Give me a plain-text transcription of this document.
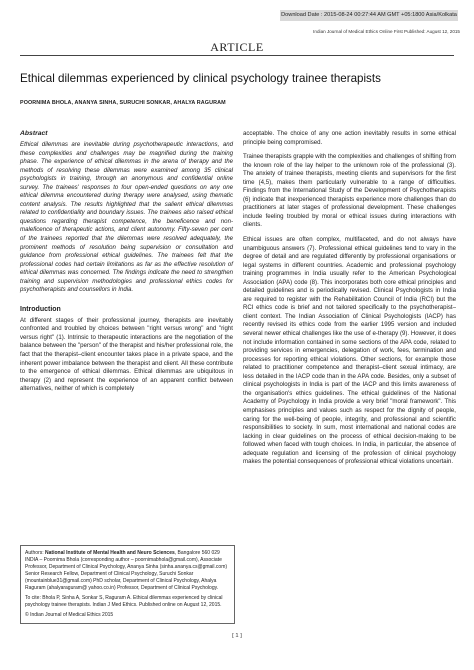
Download Date : 2015-08-24 00:27:44 AM GMT +05:1800 Asia/Kolkata
Indian Journal of Medical Ethics Online First Published: August 12, 2015
ARTICLE
Ethical dilemmas experienced by clinical psychology trainee therapists
POORNIMA BHOLA, ANANYA SINHA, SURUCHI SONKAR, AHALYA RAGURAM
Abstract

Ethical dilemmas are inevitable during psychotherapeutic interactions, and these complexities and challenges may be magnified during the training phase. The experience of ethical dilemmas in the arena of therapy and the methods of resolving these dilemmas were examined among 35 clinical psychologists in training, through an anonymous and confidential online survey. The trainees' responses to four open-ended questions on any one ethical dilemma encountered during therapy were analysed, using thematic content analysis. The results highlighted that the salient ethical dilemmas related to confidentiality and boundary issues. The trainees also raised ethical questions regarding therapist competence, the beneficence and non-maleficence of therapeutic actions, and client autonomy. Fifty-seven per cent of the trainees reported that the dilemmas were resolved adequately, the prominent methods of resolution being supervision or consultation and guidance from professional ethical guidelines. The trainees felt that the professional codes had certain limitations as far as the effective resolution of ethical dilemmas was concerned. The findings indicate the need to strengthen training and supervision methodologies and professional ethics codes for psychotherapists and counsellors in India.

Introduction

At different stages of their professional journey, therapists are inevitably confronted and troubled by choices between "right versus wrong" and "right versus right" (1). Intrinsic to therapeutic interactions are the negotiation of the balance between the "person" of the therapist and his/her professional role, the fact that the therapist–client encounter takes place in a private space, and the inherent power imbalance between the therapist and client. All these contribute to the emergence of ethical dilemmas. Ethical dilemmas are ubiquitous in therapy (2) and represent the experience of an apparent conflict between alternatives, neither of which is completely

Authors: National Institute of Mental Health and Neuro Sciences, Bangalore 560 029 INDIA – Poornima Bhola (corresponding author – poornimabhola@gmail.com), Associate Professor, Department of Clinical Psychology, Ananya Sinha (sinha.ananya.cs@gmail.com) Senior Research Fellow, Department of Clinical Psychology, Suruchi Sonkar (mountainblue31@gmail.com) PhD scholar, Department of Clinical Psychology, Ahalya Raguram (ahalyaraguram@ yahoo.co.in) Professor, Department of Clinical Psychology.

To cite: Bhola P, Sinha A, Sonkar S, Raguram A. Ethical dilemmas experienced by clinical psychology trainee therapists. Indian J Med Ethics. Published online on August 12, 2015.

© Indian Journal of Medical Ethics 2015

acceptable. The choice of any one action inevitably results in some ethical principle being compromised.

Trainee therapists grapple with the complexities and challenges of shifting from the known role of the lay helper to the unknown role of the professional (3). The anxiety of trainee therapists, meeting clients and supervisors for the first time (4,5), makes them particularly vulnerable to a range of difficulties. Findings from the International Study of the Development of Psychotherapists (6) indicate that inexperienced therapists experience more challenges than do practitioners at later stages of professional development. These challenges include feeling troubled by moral or ethical issues during interactions with clients.

Ethical issues are often complex, multifaceted, and do not always have unambiguous answers (7). Professional ethical guidelines tend to vary in the degree of detail and are regulated differently by professional organisations or legal systems in different countries. Academic and professional psychology training programmes in India usually refer to the American Psychological Association (APA) code (8). This incorporates both core ethical principles and detailed guidelines and is periodically revised. Clinical Psychologists in India are required to register with the Rehabilitation Council of India (RCI) but the RCI ethics code is brief and not tailored specifically to the psychotherapist–client context. The Indian Association of Clinical Psychologists (IACP) has recently revised its ethics code from the earlier 1995 version and included several newer ethical challenges like the use of e-therapy (9). However, it does not include information contained in some sections of the APA code, related to providing services in emergencies, delegation of work, fees, termination and processes for reporting ethical violations. Other sections, for example those related to practitioner competence and therapist–client sexual intimacy, are less detailed in the IACP code than in the APA code. Besides, only a subset of clinical psychologists in India is part of the IACP and this limits awareness of the organisation's ethics guidelines. The ethical guidelines of the National Academy of Psychology in India provide a very brief "moral framework". This emphasises principles and values such as respect for the dignity of people, caring for the well-being of people, integrity, and professional and scientific responsibilities to society. In sum, most international and national codes are lacking in clear guidelines on the process of ethical decision-making to be followed when faced with tough choices. In India, in particular, the absence of adequate regulation and licensing of the profession of clinical psychology makes the potential consequences of professional ethical violations uncertain.

[ 1 ]
